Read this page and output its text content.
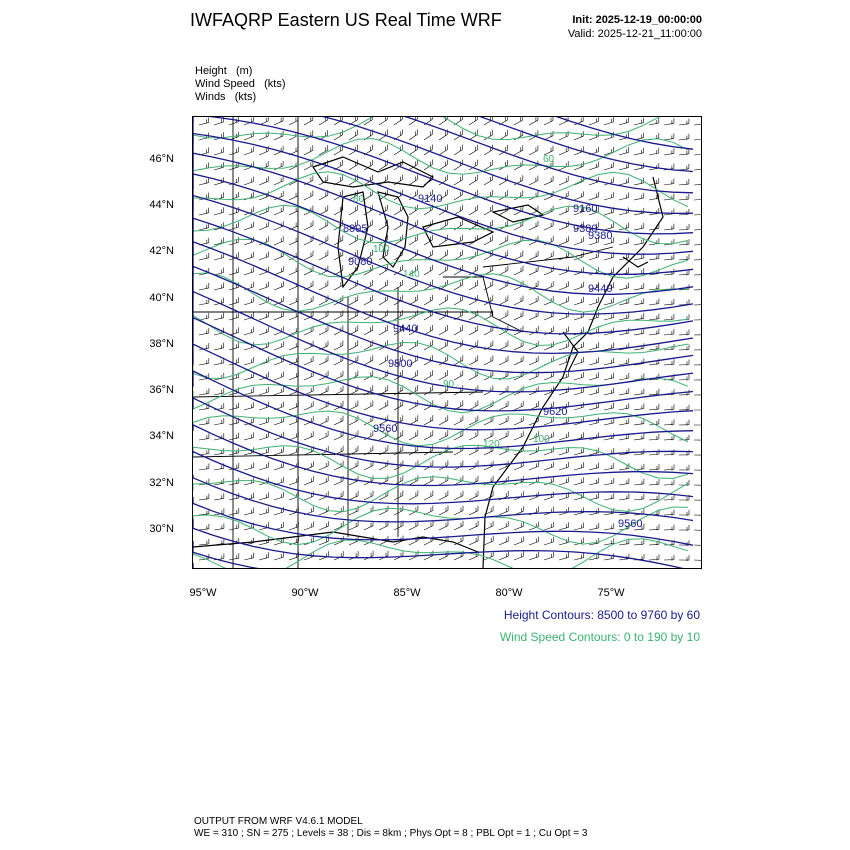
IWFAQRP Eastern US Real Time WRF	Init: 2025-12-19_00:00:00
Valid: 2025-12-21_11:00:00
Height   (m)
Wind Speed   (kts)
Winds   (kts)
8995
9140
9080
9160
9380
9440
9500
9560
9620
9440
9380
9560
60
80
100
140
120	100
90
46°N
44°N
42°N
40°N
38°N
36°N
34°N
32°N
30°N
95°W	90°W	85°W	80°W	75°W
Height Contours: 8500 to 9760 by 60
Wind Speed Contours: 0 to 190 by 10
OUTPUT FROM WRF V4.6.1 MODEL
WE = 310 ; SN = 275 ; Levels = 38 ; Dis = 8km ; Phys Opt = 8 ; PBL Opt = 1 ; Cu Opt = 3
